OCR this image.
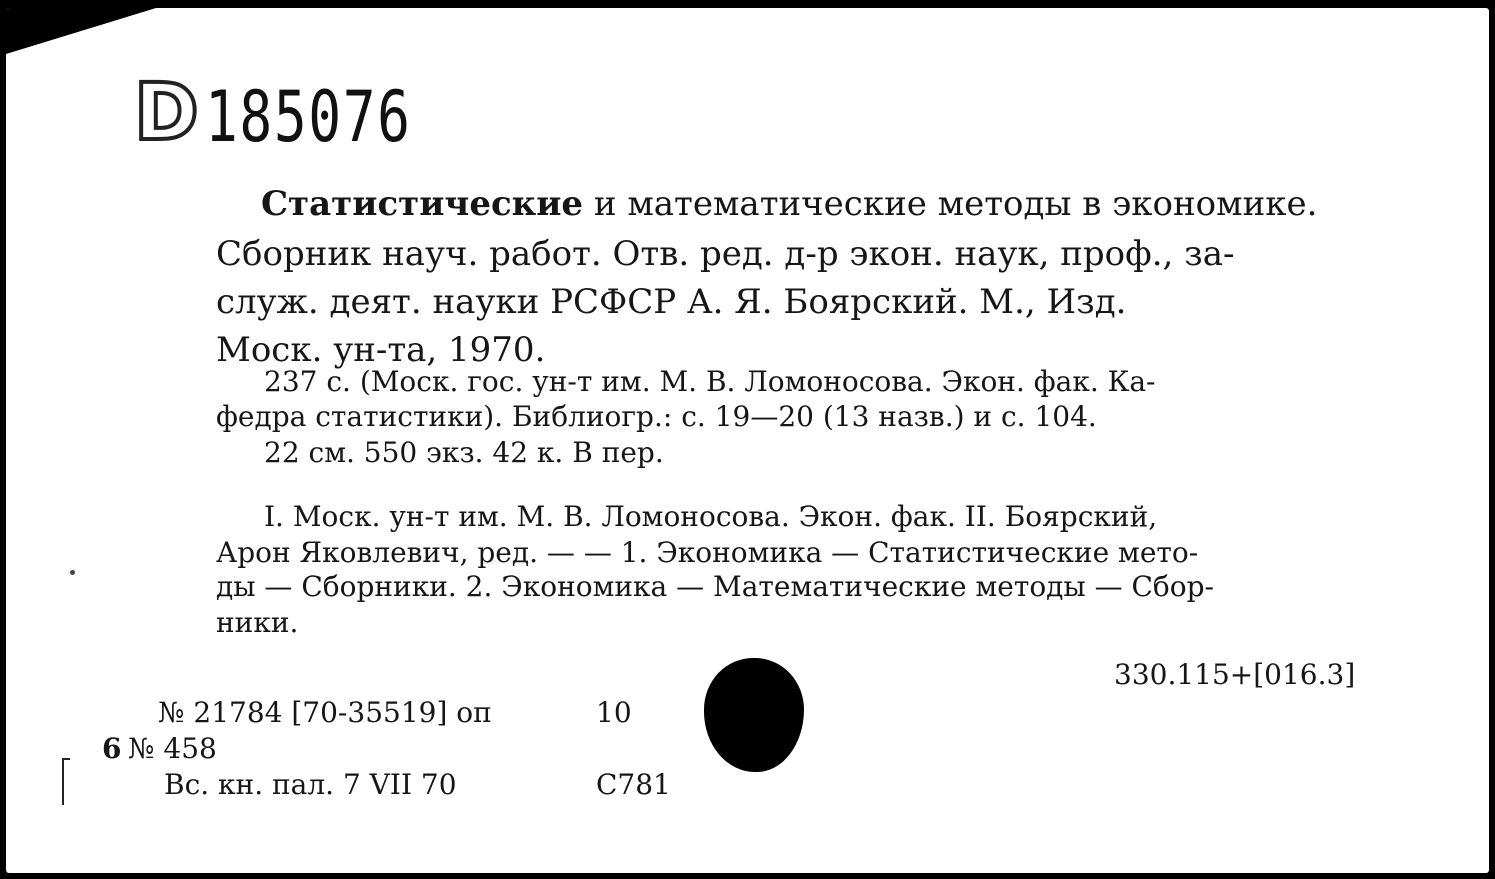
D 185076
Статистические и математические методы в экономике.
Сборник науч. работ. Отв. ред. д-р экон. наук, проф., за-
служ. деят. науки РСФСР А. Я. Боярский. М., Изд.
Моск. ун-та, 1970.
237 с. (Моск. гос. ун-т им. М. В. Ломоносова. Экон. фак. Ка-
федра статистики). Библиогр.: с. 19—20 (13 назв.) и с. 104.
22 см. 550 экз. 42 к. В пер.
I. Моск. ун-т им. М. В. Ломоносова. Экон. фак. II. Боярский,
Арон Яковлевич, ред. — — 1. Экономика — Статистические мето-
ды — Сборники. 2. Экономика — Математические методы — Сбор-
ники.
330.115+[016.3]
№ 21784 [70-35519] оп	10
6 № 458
Вс. кн. пал. 7 VII 70	С781
